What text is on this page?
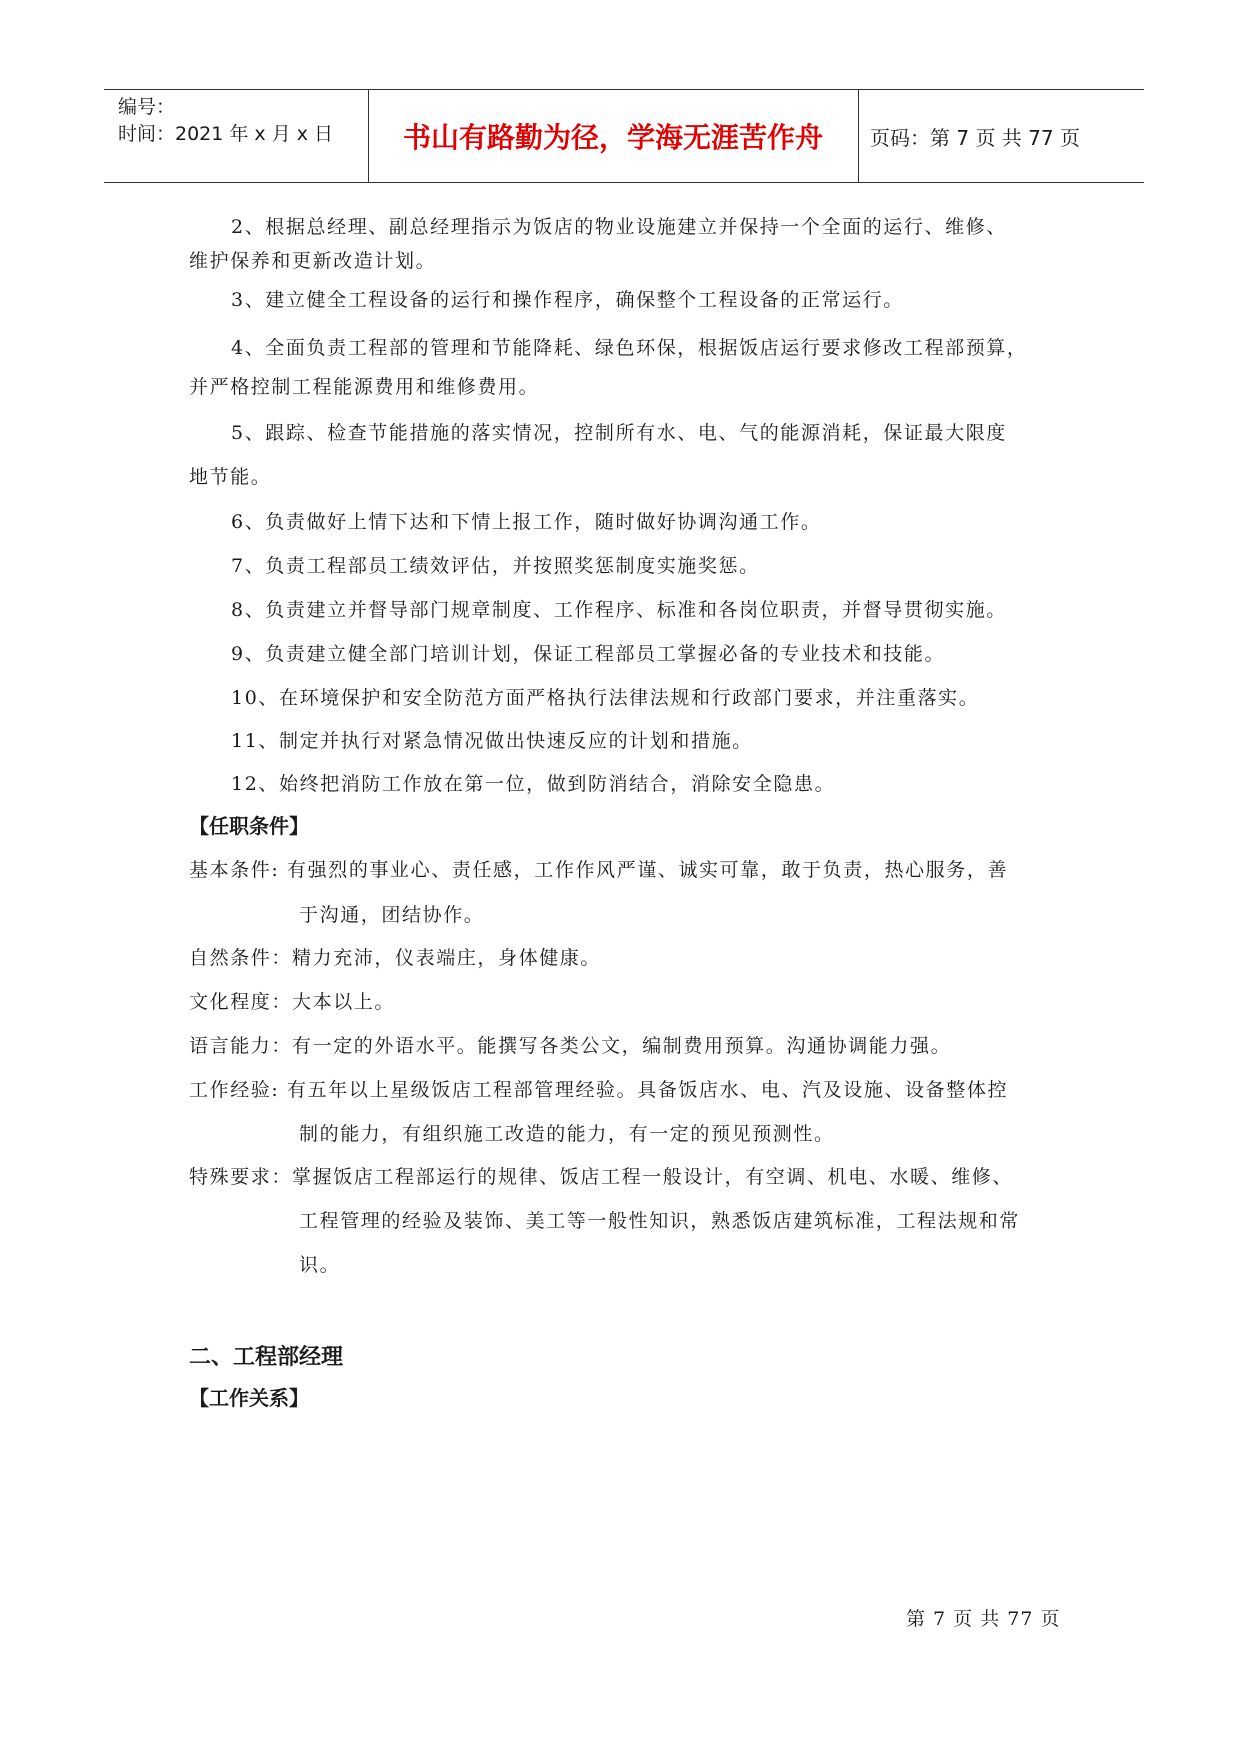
编号：
时间：2021 年 x 月 x 日	书山有路勤为径，学海无涯苦作舟	页码：第 7 页 共 77 页
2、根据总经理、副总经理指示为饭店的物业设施建立并保持一个全面的运行、维修、
维护保养和更新改造计划。
3、建立健全工程设备的运行和操作程序，确保整个工程设备的正常运行。
4、全面负责工程部的管理和节能降耗、绿色环保，根据饭店运行要求修改工程部预算，
并严格控制工程能源费用和维修费用。
5、跟踪、检查节能措施的落实情况，控制所有水、电、气的能源消耗，保证最大限度
地节能。
6、负责做好上情下达和下情上报工作，随时做好协调沟通工作。
7、负责工程部员工绩效评估，并按照奖惩制度实施奖惩。
8、负责建立并督导部门规章制度、工作程序、标准和各岗位职责，并督导贯彻实施。
9、负责建立健全部门培训计划，保证工程部员工掌握必备的专业技术和技能。
10、在环境保护和安全防范方面严格执行法律法规和行政部门要求，并注重落实。
11、制定并执行对紧急情况做出快速反应的计划和措施。
12、始终把消防工作放在第一位，做到防消结合，消除安全隐患。
【任职条件】
基本条件: 有强烈的事业心、责任感，工作作风严谨、诚实可靠，敢于负责，热心服务，善
于沟通，团结协作。
自然条件：精力充沛，仪表端庄，身体健康。
文化程度：大本以上。
语言能力：有一定的外语水平。能撰写各类公文，编制费用预算。沟通协调能力强。
工作经验: 有五年以上星级饭店工程部管理经验。具备饭店水、电、汽及设施、设备整体控
制的能力，有组织施工改造的能力，有一定的预见预测性。
特殊要求：掌握饭店工程部运行的规律、饭店工程一般设计，有空调、机电、水暖、维修、
工程管理的经验及装饰、美工等一般性知识，熟悉饭店建筑标准，工程法规和常
识。
二、工程部经理
【工作关系】
第 7 页 共 77 页
